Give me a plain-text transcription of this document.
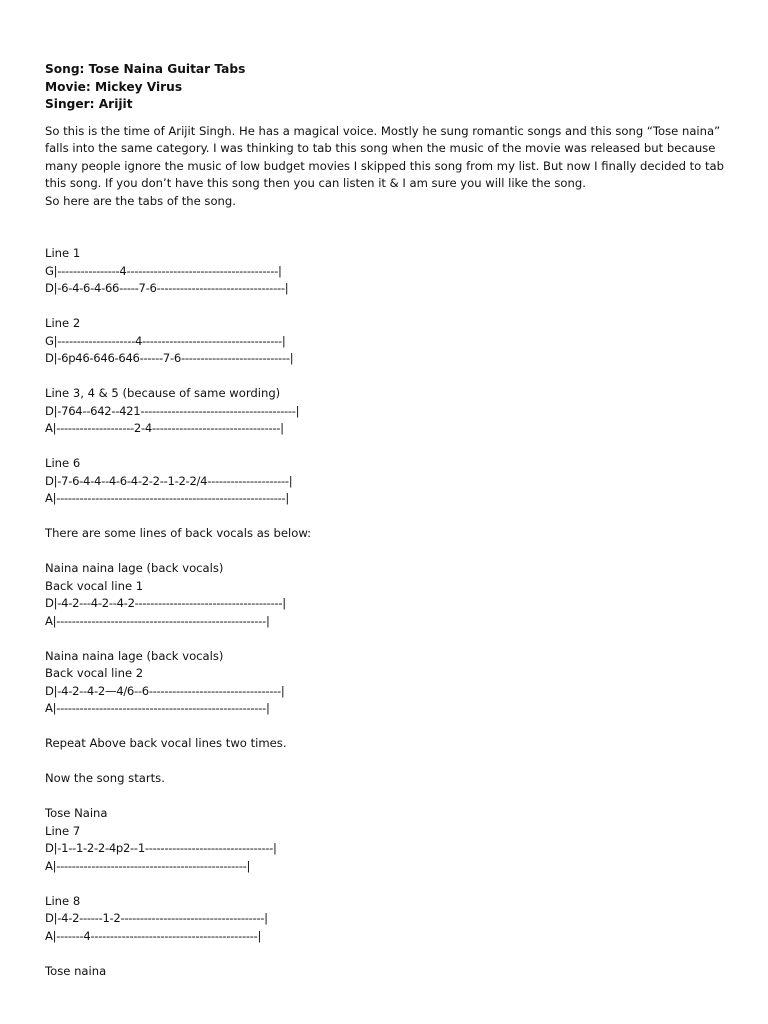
Song: Tose Naina Guitar Tabs
Movie: Mickey Virus
Singer: Arijit

So this is the time of Arijit Singh. He has a magical voice. Mostly he sung romantic songs and this song “Tose naina” falls into the same category. I was thinking to tab this song when the music of the movie was released but because many people ignore the music of low budget movies I skipped this song from my list. But now I finally decided to tab this song. If you don’t have this song then you can listen it & I am sure you will like the song.

So here are the tabs of the song.

Line 1
G|----------------4---------------------------------------|
D|-6-4-6-4-66-----7-6---------------------------------|
Line 2
G|--------------------4------------------------------------|
D|-6p46-646-646------7-6----------------------------|
Line 3, 4 & 5 (because of same wording)
D|-764--642--421----------------------------------------|
A|--------------------2-4---------------------------------|
Line 6
D|-7-6-4-4--4-6-4-2-2--1-2-2/4---------------------|
A|-----------------------------------------------------------|
There are some lines of back vocals as below:
Naina naina lage (back vocals)
Back vocal line 1
D|-4-2---4-2--4-2--------------------------------------|
A|------------------------------------------------------|
Naina naina lage (back vocals)
Back vocal line 2
D|-4-2--4-2—4/6--6----------------------------------|
A|------------------------------------------------------|
Repeat Above back vocal lines two times.
Now the song starts.
Tose Naina
Line 7
D|-1--1-2-2-4p2--1---------------------------------|
A|-------------------------------------------------|
Line 8
D|-4-2------1-2-------------------------------------|
A|-------4-------------------------------------------|
Tose naina
